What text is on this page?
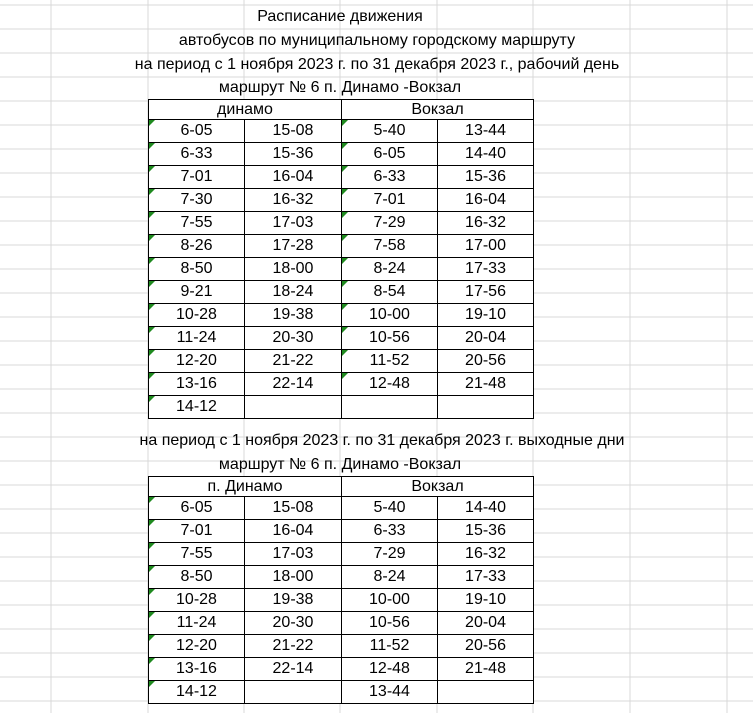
Расписание движения
автобусов по муниципальному городскому маршруту
на период с 1 ноября 2023 г. по 31 декабря 2023 г., рабочий день
маршрут № 6 п. Динамо -Вокзал
динамо		Вокзал	
6-05	15-08	5-40	13-44
6-33	15-36	6-05	14-40
7-01	16-04	6-33	15-36
7-30	16-32	7-01	16-04
7-55	17-03	7-29	16-32
8-26	17-28	7-58	17-00
8-50	18-00	8-24	17-33
9-21	18-24	8-54	17-56
10-28	19-38	10-00	19-10
11-24	20-30	10-56	20-04
12-20	21-22	11-52	20-56
13-16	22-14	12-48	21-48
14-12			
на период с 1 ноября 2023 г. по 31 декабря 2023 г. выходные дни
маршрут № 6 п. Динамо -Вокзал
п. Динамо		Вокзал	
6-05	15-08	5-40	14-40
7-01	16-04	6-33	15-36
7-55	17-03	7-29	16-32
8-50	18-00	8-24	17-33
10-28	19-38	10-00	19-10
11-24	20-30	10-56	20-04
12-20	21-22	11-52	20-56
13-16	22-14	12-48	21-48
14-12		13-44	
